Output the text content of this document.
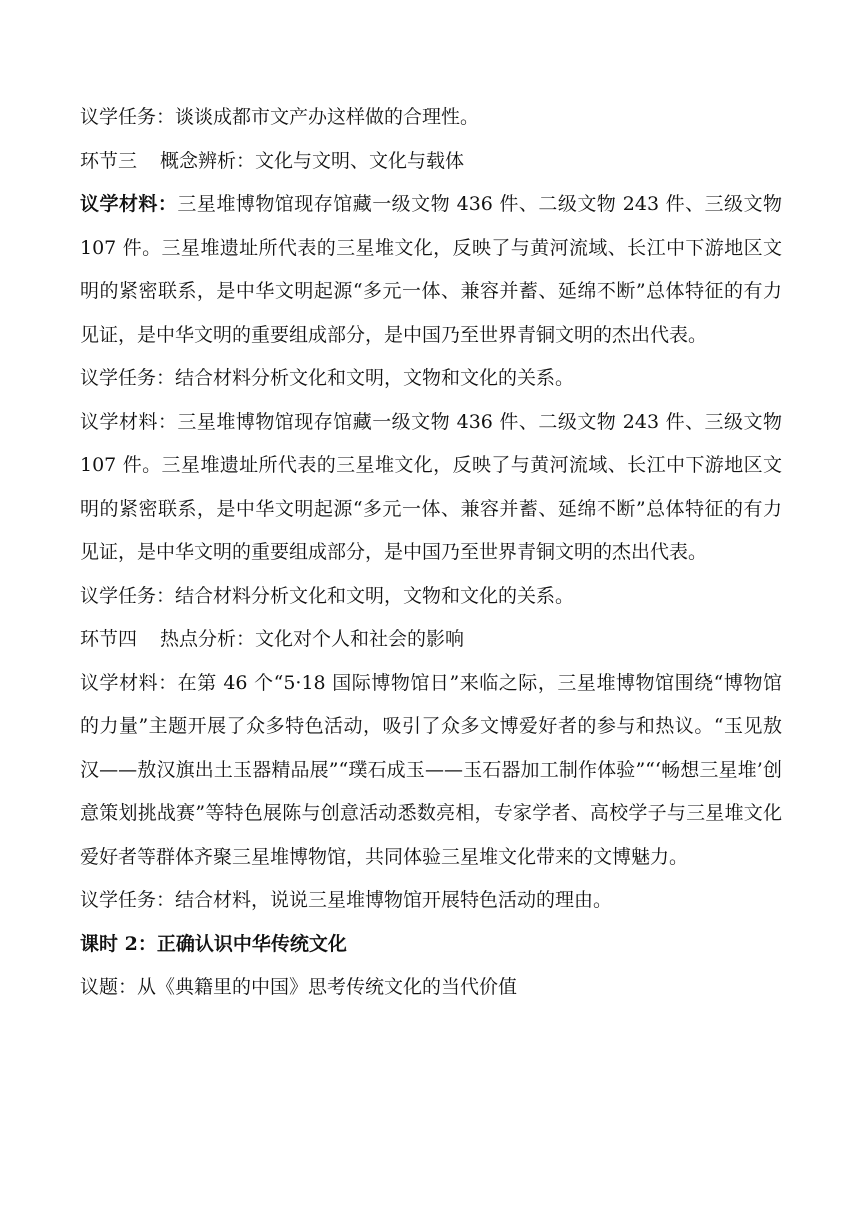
议学任务：谈谈成都市文产办这样做的合理性。

环节三 概念辨析：文化与文明、文化与载体

议学材料：三星堆博物馆现存馆藏一级文物 436 件、二级文物 243 件、三级文物 107 件。三星堆遗址所代表的三星堆文化，反映了与黄河流域、长江中下游地区文明的紧密联系，是中华文明起源“多元一体、兼容并蓄、延绵不断”总体特征的有力见证，是中华文明的重要组成部分，是中国乃至世界青铜文明的杰出代表。

议学任务：结合材料分析文化和文明，文物和文化的关系。

议学材料：三星堆博物馆现存馆藏一级文物 436 件、二级文物 243 件、三级文物 107 件。三星堆遗址所代表的三星堆文化，反映了与黄河流域、长江中下游地区文明的紧密联系，是中华文明起源“多元一体、兼容并蓄、延绵不断”总体特征的有力见证，是中华文明的重要组成部分，是中国乃至世界青铜文明的杰出代表。

议学任务：结合材料分析文化和文明，文物和文化的关系。

环节四 热点分析：文化对个人和社会的影响

议学材料：在第 46 个“5·18 国际博物馆日”来临之际，三星堆博物馆围绕“博物馆的力量”主题开展了众多特色活动，吸引了众多文博爱好者的参与和热议。“玉见敖汉——敖汉旗出土玉器精品展”“璞石成玉——玉石器加工制作体验”“‘畅想三星堆’创意策划挑战赛”等特色展陈与创意活动悉数亮相，专家学者、高校学子与三星堆文化爱好者等群体齐聚三星堆博物馆，共同体验三星堆文化带来的文博魅力。

议学任务：结合材料，说说三星堆博物馆开展特色活动的理由。

课时 2：正确认识中华传统文化

议题：从《典籍里的中国》思考传统文化的当代价值
